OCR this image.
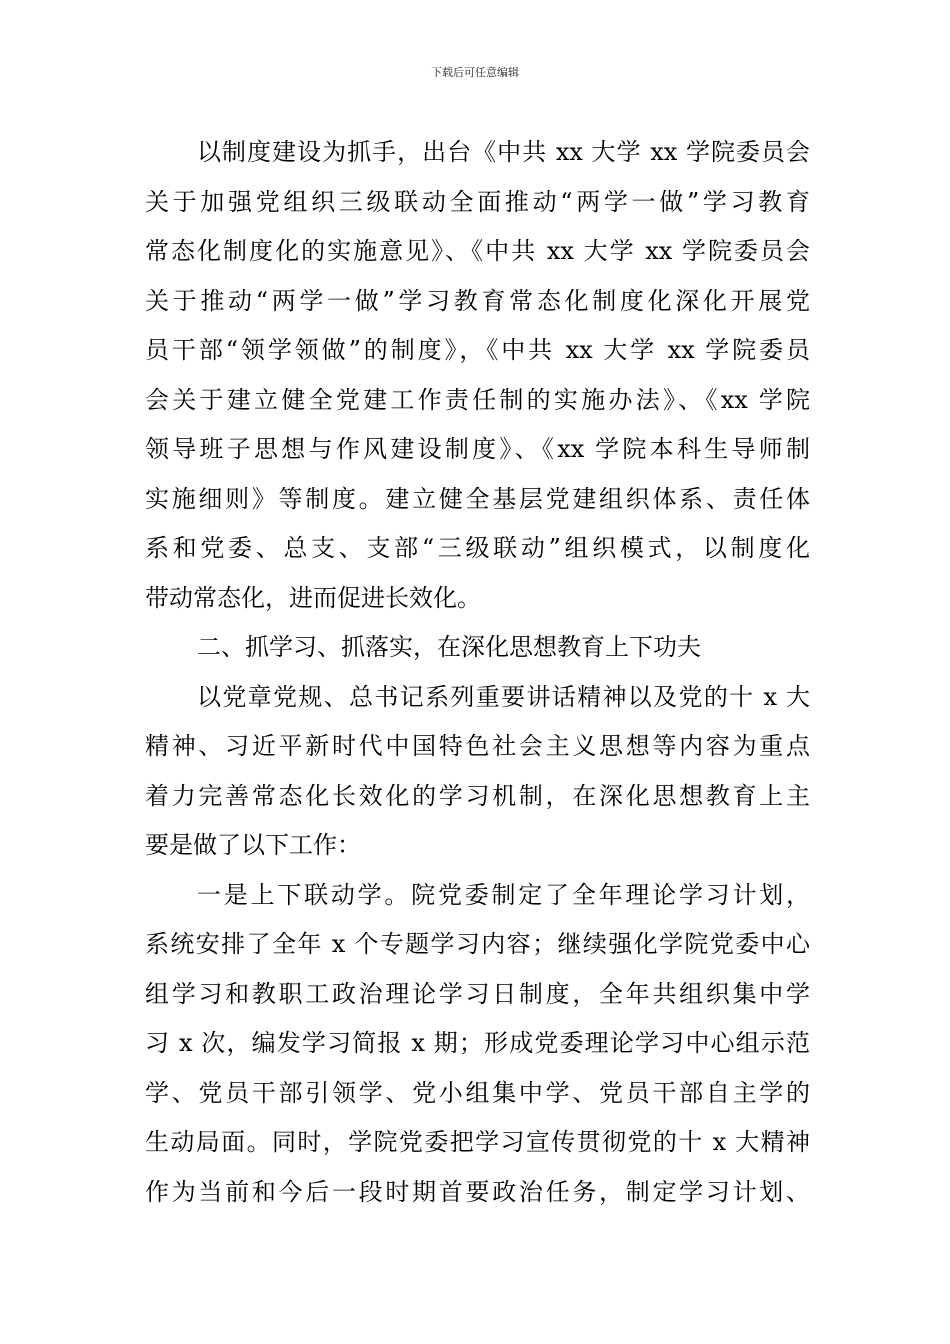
下载后可任意编辑
以制度建设为抓手，出台《中共 xx 大学 xx 学院委员会
关于加强党组织三级联动全面推动“两学一做”学习教育
常态化制度化的实施意见》、《中共 xx 大学 xx 学院委员会
关于推动“两学一做”学习教育常态化制度化深化开展党
员干部“领学领做”的制度》，《中共 xx 大学 xx 学院委员
会关于建立健全党建工作责任制的实施办法》、《xx 学院
领导班子思想与作风建设制度》、《xx 学院本科生导师制
实施细则》等制度。建立健全基层党建组织体系、责任体
系和党委、总支、支部“三级联动”组织模式，以制度化
带动常态化，进而促进长效化。
二、抓学习、抓落实，在深化思想教育上下功夫
以党章党规、总书记系列重要讲话精神以及党的十 x 大
精神、习近平新时代中国特色社会主义思想等内容为重点
着力完善常态化长效化的学习机制，在深化思想教育上主
要是做了以下工作：
一是上下联动学。院党委制定了全年理论学习计划，
系统安排了全年 x 个专题学习内容；继续强化学院党委中心
组学习和教职工政治理论学习日制度，全年共组织集中学
习 x 次，编发学习简报 x 期；形成党委理论学习中心组示范
学、党员干部引领学、党小组集中学、党员干部自主学的
生动局面。同时，学院党委把学习宣传贯彻党的十 x 大精神
作为当前和今后一段时期首要政治任务，制定学习计划、
